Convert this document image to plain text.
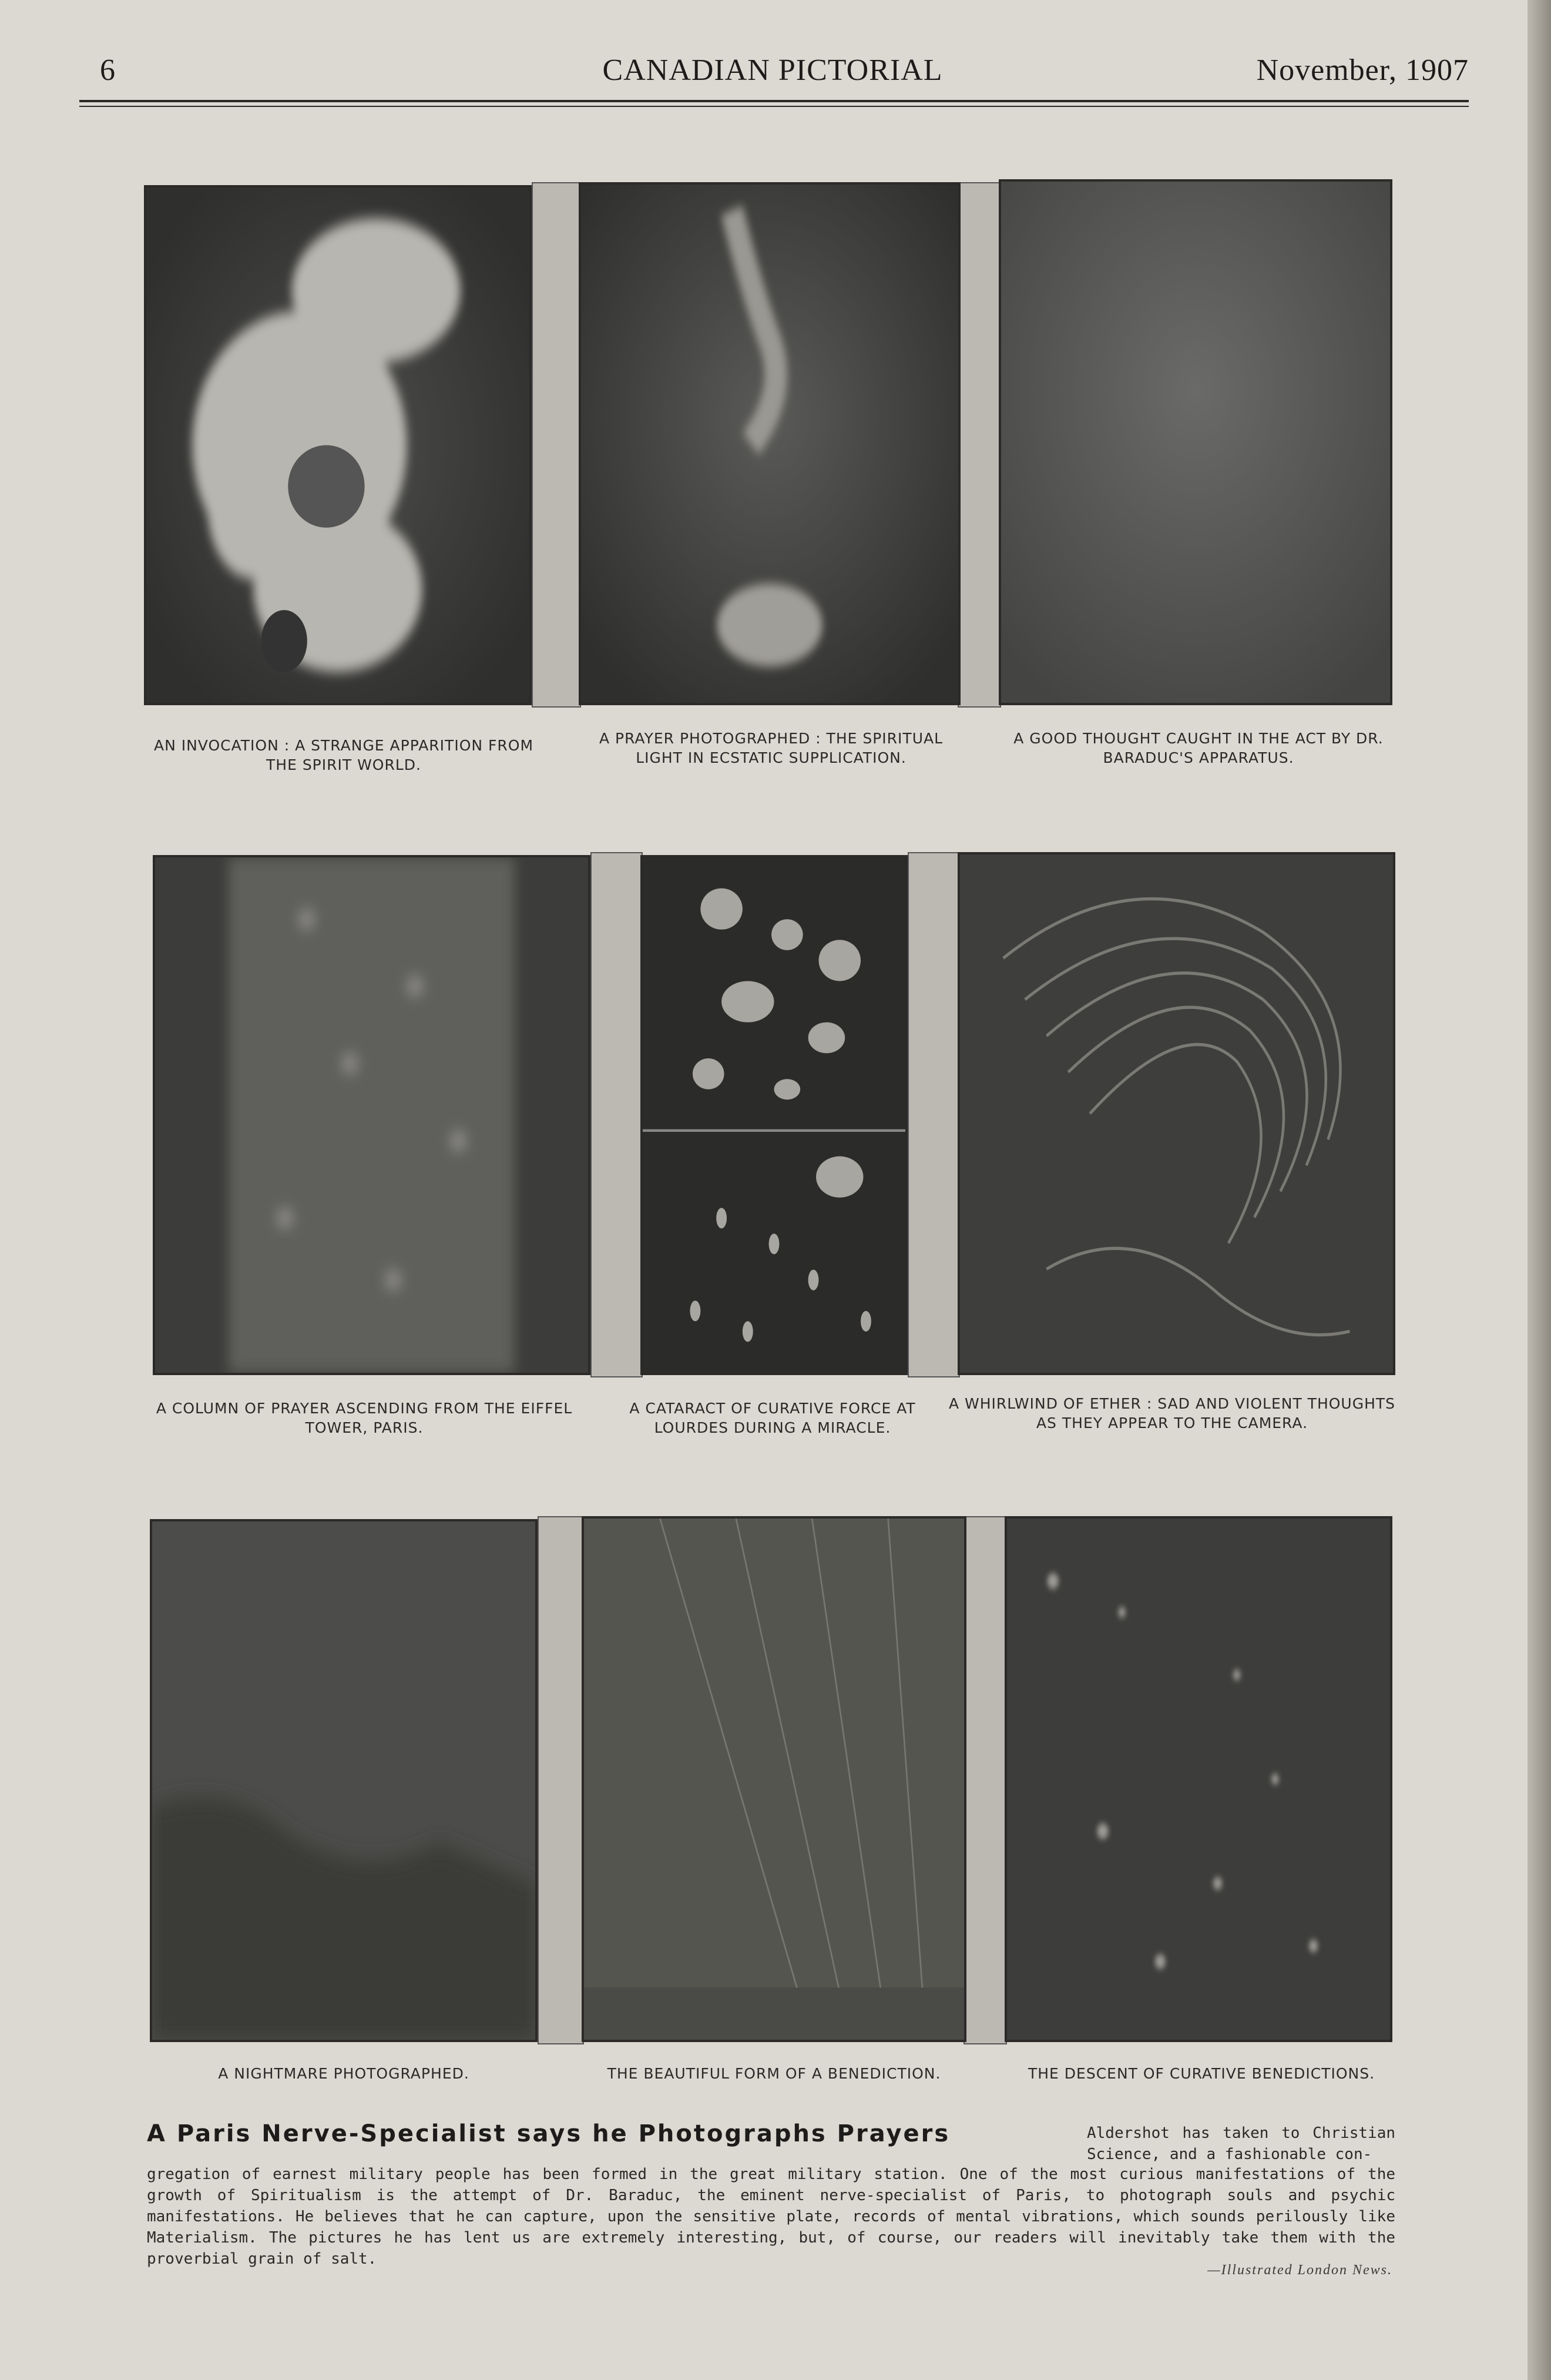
6	CANADIAN PICTORIAL	November, 1907
AN INVOCATION : A STRANGE APPARITION FROM THE SPIRIT WORLD.
A PRAYER PHOTOGRAPHED : THE SPIRITUAL LIGHT IN ECSTATIC SUPPLICATION.
A GOOD THOUGHT CAUGHT IN THE ACT BY DR. BARADUC'S APPARATUS.
A COLUMN OF PRAYER ASCENDING FROM THE EIFFEL TOWER, PARIS.
A CATARACT OF CURATIVE FORCE AT LOURDES DURING A MIRACLE.
A WHIRLWIND OF ETHER : SAD AND VIOLENT THOUGHTS AS THEY APPEAR TO THE CAMERA.
A NIGHTMARE PHOTOGRAPHED.	THE BEAUTIFUL FORM OF A BENEDICTION.	THE DESCENT OF CURATIVE BENEDICTIONS.
A Paris Nerve-Specialist says he Photographs Prayers	Aldershot has taken to Christian Science, and a fashionable con-
gregation of earnest military people has been formed in the great military station. One of the most curious manifestations of the growth of Spiritualism is the attempt of Dr. Baraduc, the eminent nerve-specialist of Paris, to photograph souls and psychic manifestations. He believes that he can capture, upon the sensitive plate, records of mental vibrations, which sounds perilously like Materialism. The pictures he has lent us are extremely interesting, but, of course, our readers will inevitably take them with the proverbial grain of salt.
—Illustrated London News.
